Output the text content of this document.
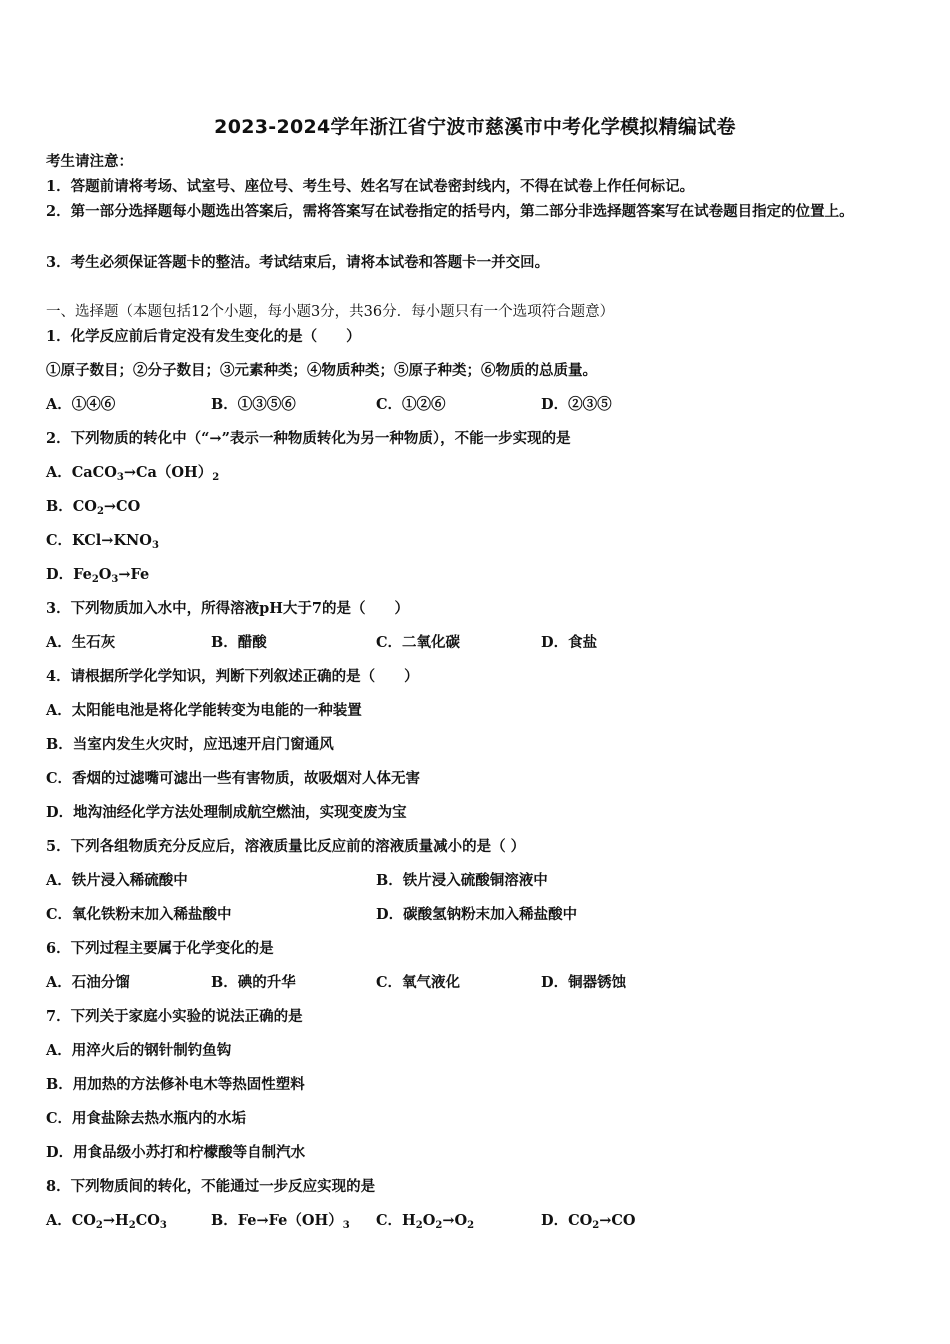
2023-2024学年浙江省宁波市慈溪市中考化学模拟精编试卷
考生请注意：
1．答题前请将考场、试室号、座位号、考生号、姓名写在试卷密封线内，不得在试卷上作任何标记。
2．第一部分选择题每小题选出答案后，需将答案写在试卷指定的括号内，第二部分非选择题答案写在试卷题目指定的位置上。
3．考生必须保证答题卡的整洁。考试结束后，请将本试卷和答题卡一并交回。
一、选择题（本题包括12个小题，每小题3分，共36分．每小题只有一个选项符合题意）
1．化学反应前后肯定没有发生变化的是（　　）
①原子数目；②分子数目；③元素种类；④物质种类；⑤原子种类；⑥物质的总质量。
A．①④⑥	B．①③⑤⑥	C．①②⑥	D．②③⑤
2．下列物质的转化中（“→”表示一种物质转化为另一种物质），不能一步实现的是
A．$CaCO_3\to Ca(OH)_2$
B．$CO_2\to CO$
C．$KCl\to KNO_3$
D．$Fe_2O_3\to Fe$
3．下列物质加入水中，所得溶液pH大于7的是（　　）
A．生石灰	B．醋酸	C．二氧化碳	D．食盐
4．请根据所学化学知识，判断下列叙述正确的是（　　）
A．太阳能电池是将化学能转变为电能的一种装置
B．当室内发生火灾时，应迅速开启门窗通风
C．香烟的过滤嘴可滤出一些有害物质，故吸烟对人体无害
D．地沟油经化学方法处理制成航空燃油，实现变废为宝
5．下列各组物质充分反应后，溶液质量比反应前的溶液质量减小的是（ ）
A．铁片浸入稀硫酸中	B．铁片浸入硫酸铜溶液中
C．氧化铁粉末加入稀盐酸中	D．碳酸氢钠粉末加入稀盐酸中
6．下列过程主要属于化学变化的是
A．石油分馏	B．碘的升华	C．氧气液化	D．铜器锈蚀
7．下列关于家庭小实验的说法正确的是
A．用淬火后的钢针制钓鱼钩
B．用加热的方法修补电木等热固性塑料
C．用食盐除去热水瓶内的水垢
D．用食品级小苏打和柠檬酸等自制汽水
8．下列物质间的转化，不能通过一步反应实现的是
A．$CO_2\to H_2CO_3$	B．$Fe\to Fe(OH)_3$ C．$H_2O_2\to O_2$	D．$CO_2\to CO$
